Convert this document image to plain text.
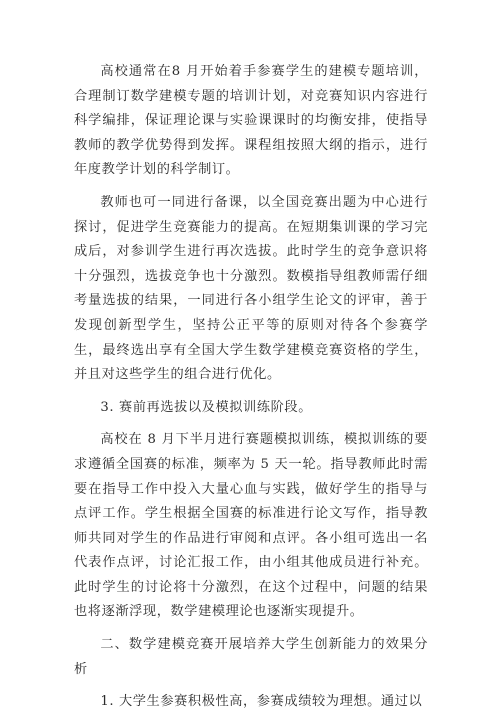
高校通常在8 月开始着手参赛学生的建模专题培训，合理制订数学建模专题的培训计划，对竞赛知识内容进行科学编排，保证理论课与实验课课时的均衡安排，使指导教师的教学优势得到发挥。课程组按照大纲的指示，进行年度教学计划的科学制订。

教师也可一同进行备课，以全国竞赛出题为中心进行探讨，促进学生竞赛能力的提高。在短期集训课的学习完成后，对参训学生进行再次选拔。此时学生的竞争意识将十分强烈，选拔竞争也十分激烈。数模指导组教师需仔细考量选拔的结果，一同进行各小组学生论文的评审，善于发现创新型学生，坚持公正平等的原则对待各个参赛学生，最终选出享有全国大学生数学建模竞赛资格的学生，并且对这些学生的组合进行优化。

3. 赛前再选拔以及模拟训练阶段。

高校在 8 月下半月进行赛题模拟训练，模拟训练的要求遵循全国赛的标准，频率为 5 天一轮。指导教师此时需要在指导工作中投入大量心血与实践，做好学生的指导与点评工作。学生根据全国赛的标准进行论文写作，指导教师共同对学生的作品进行审阅和点评。各小组可选出一名代表作点评，讨论汇报工作，由小组其他成员进行补充。此时学生的讨论将十分激烈，在这个过程中，问题的结果也将逐渐浮现，数学建模理论也逐渐实现提升。

二、数学建模竞赛开展培养大学生创新能力的效果分析

1. 大学生参赛积极性高，参赛成绩较为理想。通过以
